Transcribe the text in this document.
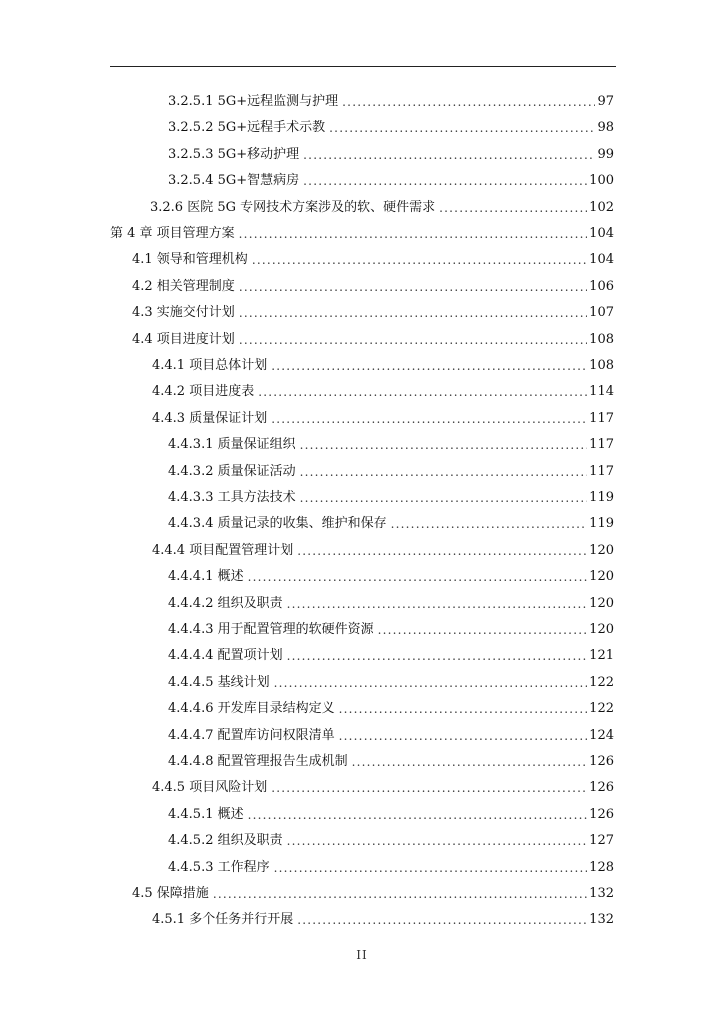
3.2.5.1 5G+远程监测与护理 .....	97
3.2.5.2 5G+远程手术示教 .....	98
3.2.5.3 5G+移动护理 .....	99
3.2.5.4 5G+智慧病房 .....	100
3.2.6 医院 5G 专网技术方案涉及的软、硬件需求 .....	102
第 4 章 项目管理方案 .....	104
4.1 领导和管理机构 .....	104
4.2 相关管理制度 .....	106
4.3 实施交付计划 .....	107
4.4 项目进度计划 .....	108
4.4.1 项目总体计划 .....	108
4.4.2 项目进度表 .....	114
4.4.3 质量保证计划 .....	117
4.4.3.1 质量保证组织 .....	117
4.4.3.2 质量保证活动 .....	117
4.4.3.3 工具方法技术 .....	119
4.4.3.4 质量记录的收集、维护和保存 .....	119
4.4.4 项目配置管理计划 .....	120
4.4.4.1 概述 .....	120
4.4.4.2 组织及职责 .....	120
4.4.4.3 用于配置管理的软硬件资源 .....	120
4.4.4.4 配置项计划 .....	121
4.4.4.5 基线计划 .....	122
4.4.4.6 开发库目录结构定义 .....	122
4.4.4.7 配置库访问权限清单 .....	124
4.4.4.8 配置管理报告生成机制 .....	126
4.4.5 项目风险计划 .....	126
4.4.5.1 概述 .....	126
4.4.5.2 组织及职责 .....	127
4.4.5.3 工作程序 .....	128
4.5 保障措施 .....	132
4.5.1 多个任务并行开展 .....	132
II
